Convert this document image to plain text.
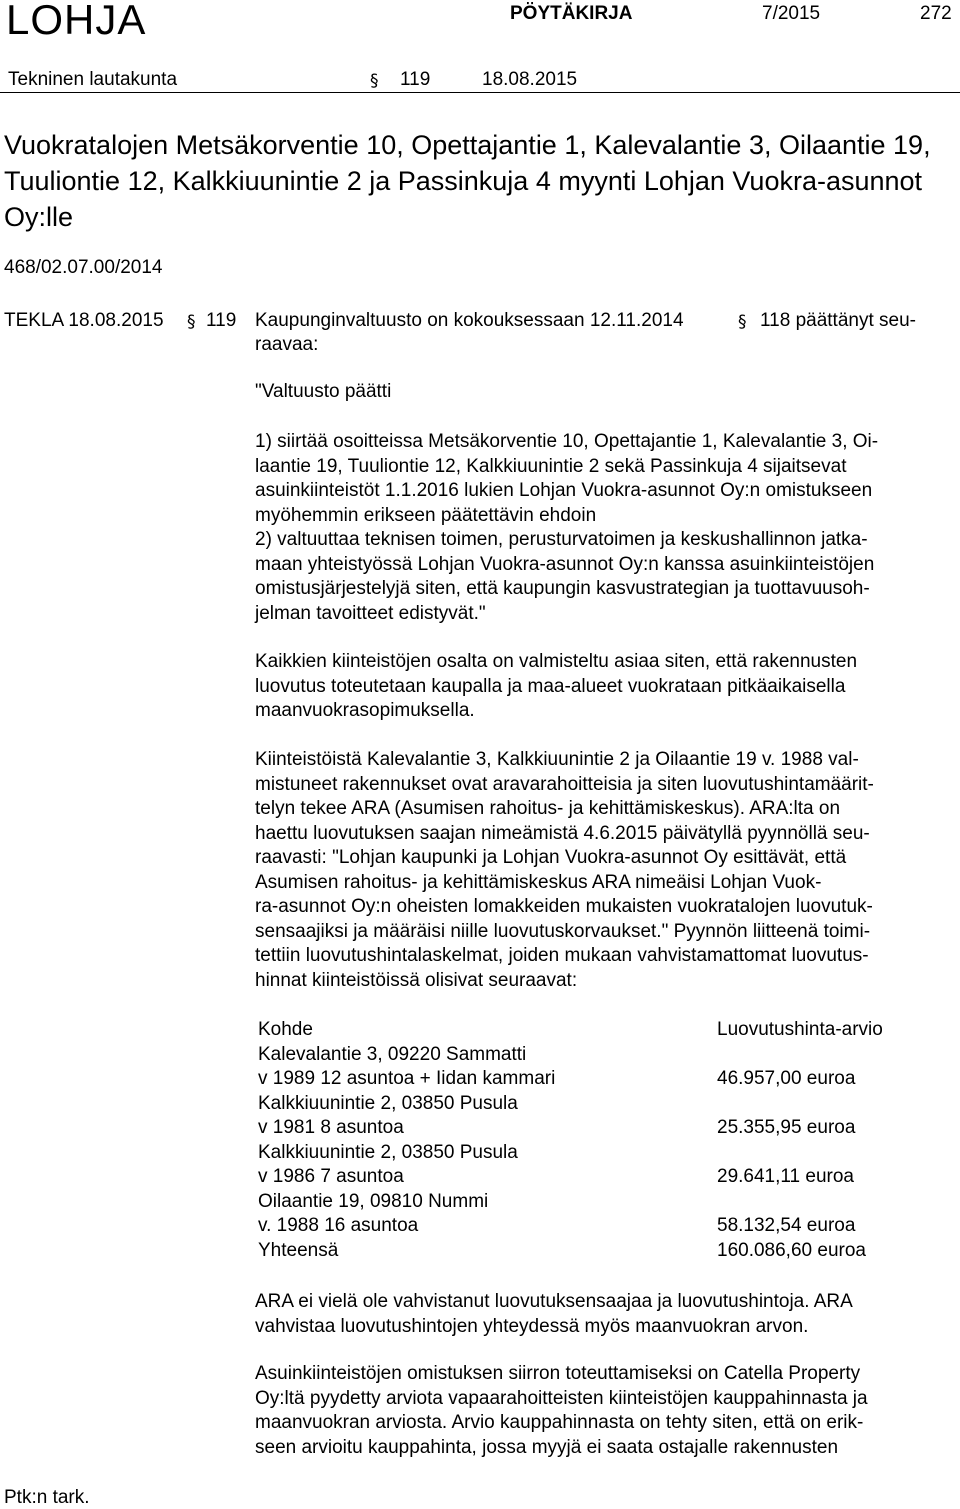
LOHJA	PÖYTÄKIRJA	7/2015	272
Tekninen lautakunta	§ 119	18.08.2015
Vuokratalojen Metsäkorventie 10, Opettajantie 1, Kalevalantie 3, Oilaantie 19, Tuuliontie 12, Kalkkiuunintie 2 ja Passinkuja 4 myynti Lohjan Vuokra-asunnot Oy:lle
468/02.07.00/2014
TEKLA 18.08.2015 § 119 Kaupunginvaltuusto on kokouksessaan 12.11.2014	§ 118 päättänyt seu-
raavaa:
"Valtuusto päätti
1) siirtää osoitteissa Metsäkorventie 10, Opettajantie 1, Kalevalantie 3, Oi-
laantie 19, Tuuliontie 12, Kalkkiuunintie 2 sekä Passinkuja 4 sijaitsevat
asuinkiinteistöt 1.1.2016 lukien Lohjan Vuokra-asunnot Oy:n omistukseen
myöhemmin erikseen päätettävin ehdoin
2) valtuuttaa teknisen toimen, perusturvatoimen ja keskushallinnon jatka-
maan yhteistyössä Lohjan Vuokra-asunnot Oy:n kanssa asuinkiinteistöjen
omistusjärjestelyjä siten, että kaupungin kasvustrategian ja tuottavuusoh-
jelman tavoitteet edistyvät."
Kaikkien kiinteistöjen osalta on valmisteltu asiaa siten, että rakennusten
luovutus toteutetaan kaupalla ja maa-alueet vuokrataan pitkäaikaisella
maanvuokrasopimuksella.
Kiinteistöistä Kalevalantie 3, Kalkkiuunintie 2 ja Oilaantie 19 v. 1988 val-
mistuneet rakennukset ovat aravarahoitteisia ja siten luovutushintamäärit-
telyn tekee ARA (Asumisen rahoitus- ja kehittämiskeskus). ARA:lta on
haettu luovutuksen saajan nimeämistä 4.6.2015 päivätyllä pyynnöllä seu-
raavasti: "Lohjan kaupunki ja Lohjan Vuokra-asunnot Oy esittävät, että
Asumisen rahoitus- ja kehittämiskeskus ARA nimeäisi Lohjan Vuok-
ra-asunnot Oy:n oheisten lomakkeiden mukaisten vuokratalojen luovutuk-
sensaajiksi ja määräisi niille luovutuskorvaukset." Pyynnön liitteenä toimi-
tettiin luovutushintalaskelmat, joiden mukaan vahvistamattomat luovutus-
hinnat kiinteistöissä olisivat seuraavat:
Kohde	Luovutushinta-arvio
Kalevalantie 3, 09220 Sammatti
v 1989 12 asuntoa + Iidan kammari	46.957,00 euroa
Kalkkiuunintie 2, 03850 Pusula
v 1981 8 asuntoa	25.355,95 euroa
Kalkkiuunintie 2, 03850 Pusula
v 1986 7 asuntoa	29.641,11 euroa
Oilaantie 19, 09810 Nummi
v. 1988 16 asuntoa	58.132,54 euroa
Yhteensä	160.086,60 euroa
ARA ei vielä ole vahvistanut luovutuksensaajaa ja luovutushintoja. ARA
vahvistaa luovutushintojen yhteydessä myös maanvuokran arvon.
Asuinkiinteistöjen omistuksen siirron toteuttamiseksi on Catella Property
Oy:ltä pyydetty arviota vapaarahoitteisten kiinteistöjen kauppahinnasta ja
maanvuokran arviosta. Arvio kauppahinnasta on tehty siten, että on erik-
seen arvioitu kauppahinta, jossa myyjä ei saata ostajalle rakennusten
Ptk:n tark.
